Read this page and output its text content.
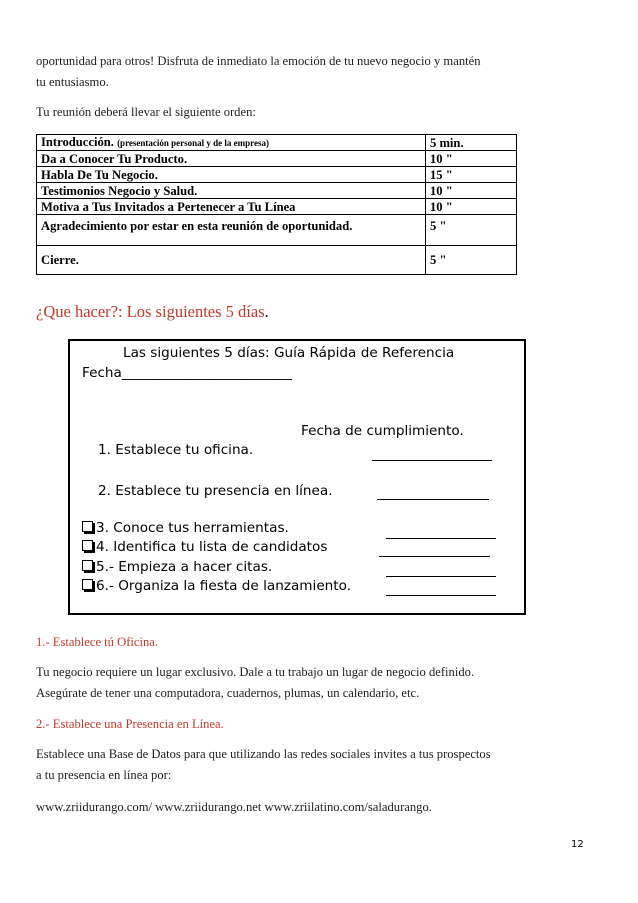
oportunidad para otros! Disfruta de inmediato la emoción de tu nuevo negocio y mantén
tu entusiasmo.
Tu reunión deberá llevar el siguiente orden:
Introducción. (presentación personal y de la empresa)	5 min.
Da a Conocer Tu Producto.	10 "
Habla De Tu Negocio.	15 "
Testimonios Negocio y Salud.	10 "
Motiva a Tus Invitados a Pertenecer a Tu Línea	10 "
Agradecimiento por estar en esta reunión de oportunidad.	5 "
Cierre.	5 "
¿Que hacer?: Los siguientes 5 días.
Las siguientes 5 días: Guía Rápida de Referencia
Fecha_________________________
Fecha de cumplimiento.
1. Establece tu oficina.
2. Establece tu presencia en línea.
3. Conoce tus herramientas.
4. Identifica tu lista de candidatos
5.- Empieza a hacer citas.
6.- Organiza la fiesta de lanzamiento.
1.- Establece tú Oficina.
Tu negocio requiere un lugar exclusivo. Dale a tu trabajo un lugar de negocio definido.
Asegúrate de tener una computadora, cuadernos, plumas, un calendario, etc.
2.- Establece una Presencia en Línea.
Establece una Base de Datos para que utilizando las redes sociales invites a tus prospectos
a tu presencia en línea por:
www.zriidurango.com/ www.zriidurango.net www.zriilatino.com/saladurango.
12
